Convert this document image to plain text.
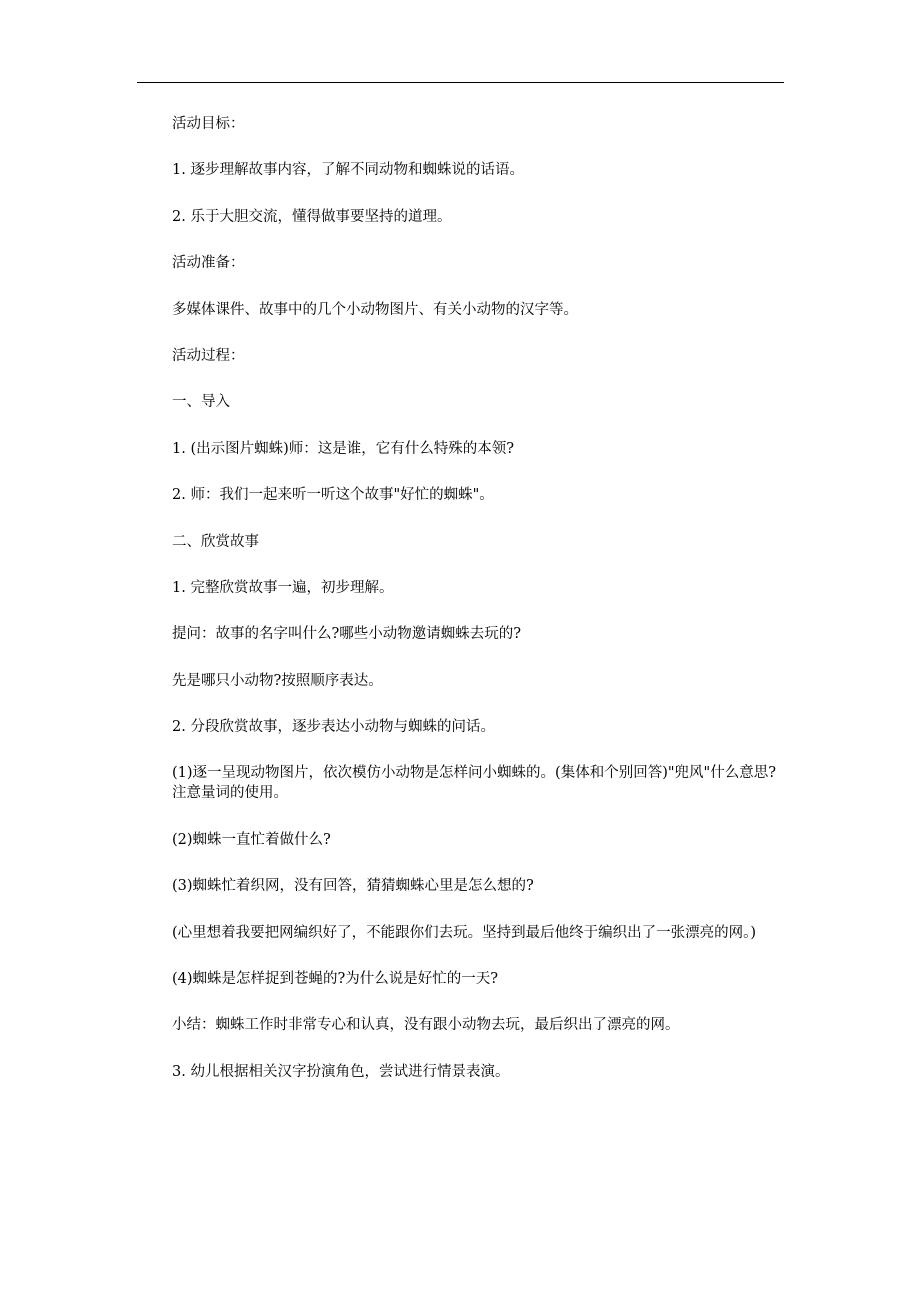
活动目标：

1. 逐步理解故事内容，了解不同动物和蜘蛛说的话语。

2. 乐于大胆交流，懂得做事要坚持的道理。

活动准备：

多媒体课件、故事中的几个小动物图片、有关小动物的汉字等。

活动过程：

一、导入

1. (出示图片蜘蛛)师：这是谁，它有什么特殊的本领?

2. 师：我们一起来听一听这个故事"好忙的蜘蛛"。

二、欣赏故事

1. 完整欣赏故事一遍，初步理解。

提问：故事的名字叫什么?哪些小动物邀请蜘蛛去玩的?

先是哪只小动物?按照顺序表达。

2. 分段欣赏故事，逐步表达小动物与蜘蛛的问话。

(1)逐一呈现动物图片，依次模仿小动物是怎样问小蜘蛛的。(集体和个别回答)"兜风"什么意思?注意量词的使用。

(2)蜘蛛一直忙着做什么?

(3)蜘蛛忙着织网，没有回答，猜猜蜘蛛心里是怎么想的?

(心里想着我要把网编织好了，不能跟你们去玩。坚持到最后他终于编织出了一张漂亮的网。)

(4)蜘蛛是怎样捉到苍蝇的?为什么说是好忙的一天?

小结：蜘蛛工作时非常专心和认真，没有跟小动物去玩，最后织出了漂亮的网。

3. 幼儿根据相关汉字扮演角色，尝试进行情景表演。
